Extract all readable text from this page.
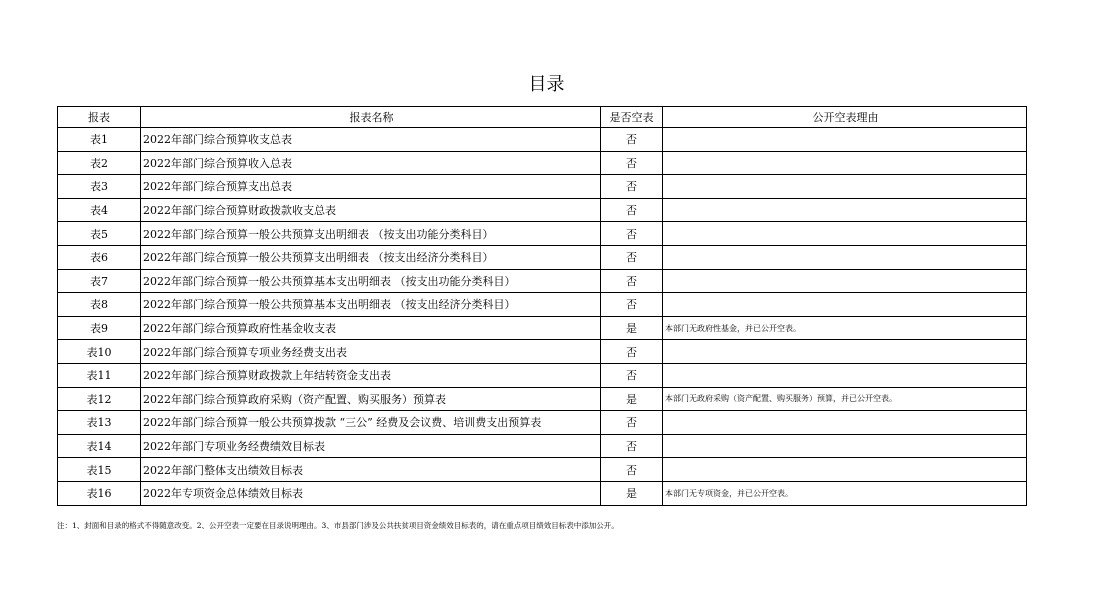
目录
报表	报表名称	是否空表	公开空表理由
表1	2022年部门综合预算收支总表	否	
表2	2022年部门综合预算收入总表	否	
表3	2022年部门综合预算支出总表	否	
表4	2022年部门综合预算财政拨款收支总表	否	
表5	2022年部门综合预算一般公共预算支出明细表 （按支出功能分类科目）	否	
表6	2022年部门综合预算一般公共预算支出明细表 （按支出经济分类科目）	否	
表7	2022年部门综合预算一般公共预算基本支出明细表 （按支出功能分类科目）	否	
表8	2022年部门综合预算一般公共预算基本支出明细表 （按支出经济分类科目）	否	
表9	2022年部门综合预算政府性基金收支表	是	本部门无政府性基金，并已公开空表。
表10	2022年部门综合预算专项业务经费支出表	否	
表11	2022年部门综合预算财政拨款上年结转资金支出表	否	
表12	2022年部门综合预算政府采购（资产配置、购买服务）预算表	是	本部门无政府采购（资产配置、购买服务）预算，并已公开空表。
表13	2022年部门综合预算一般公共预算拨款 “三公” 经费及会议费、培训费支出预算表	否	
表14	2022年部门专项业务经费绩效目标表	否	
表15	2022年部门整体支出绩效目标表	否	
表16	2022年专项资金总体绩效目标表	是	本部门无专项资金，并已公开空表。
注：1、封面和目录的格式不得随意改变。2、公开空表一定要在目录说明理由。3、市县部门涉及公共扶贫项目资金绩效目标表的，请在重点项目绩效目标表中添加公开。
